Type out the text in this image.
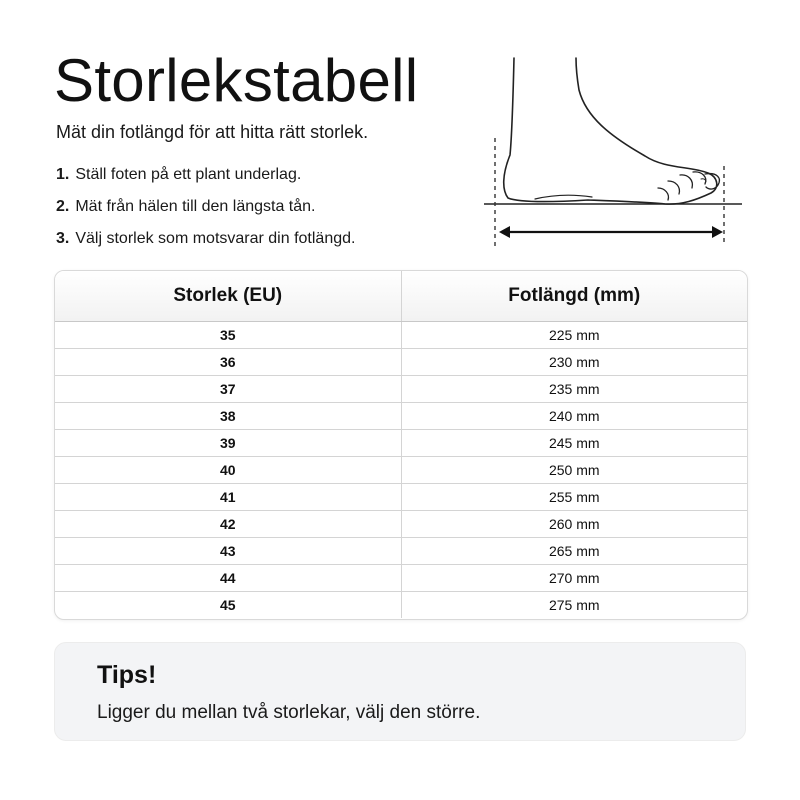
Storlekstabell
Mät din fotlängd för att hitta rätt storlek.
1. Ställ foten på ett plant underlag.
2. Mät från hälen till den längsta tån.
3. Välj storlek som motsvarar din fotlängd.
Storlek (EU)	Fotlängd (mm)
35	225 mm
36	230 mm
37	235 mm
38	240 mm
39	245 mm
40	250 mm
41	255 mm
42	260 mm
43	265 mm
44	270 mm
45	275 mm
Tips!
Ligger du mellan två storlekar, välj den större.
